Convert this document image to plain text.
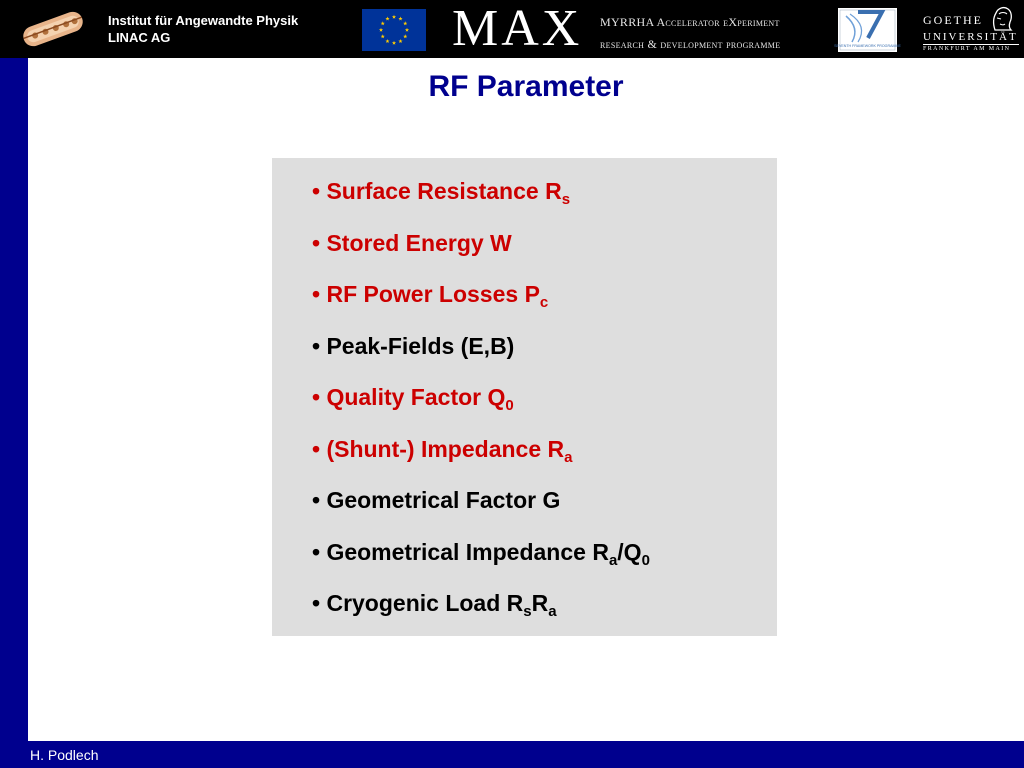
Institut für Angewandte Physik
LINAC AG	MAX MYRRHA Accelerator eXperiment
research & development programme	SEVENTH FRAMEWORK PROGRAMME
GOETHE
UNIVERSITÄT
FRANKFURT AM MAIN
H. Podlech
RF Parameter
• Surface Resistance $R_s$
• Stored Energy W
• RF Power Losses $P_c$
• Peak-Fields (E,B)
• Quality Factor $Q_0$
• (Shunt-) Impedance $R_a$
• Geometrical Factor G
• Geometrical Impedance $R_a/Q_0$
• Cryogenic Load $R_sR_a$
